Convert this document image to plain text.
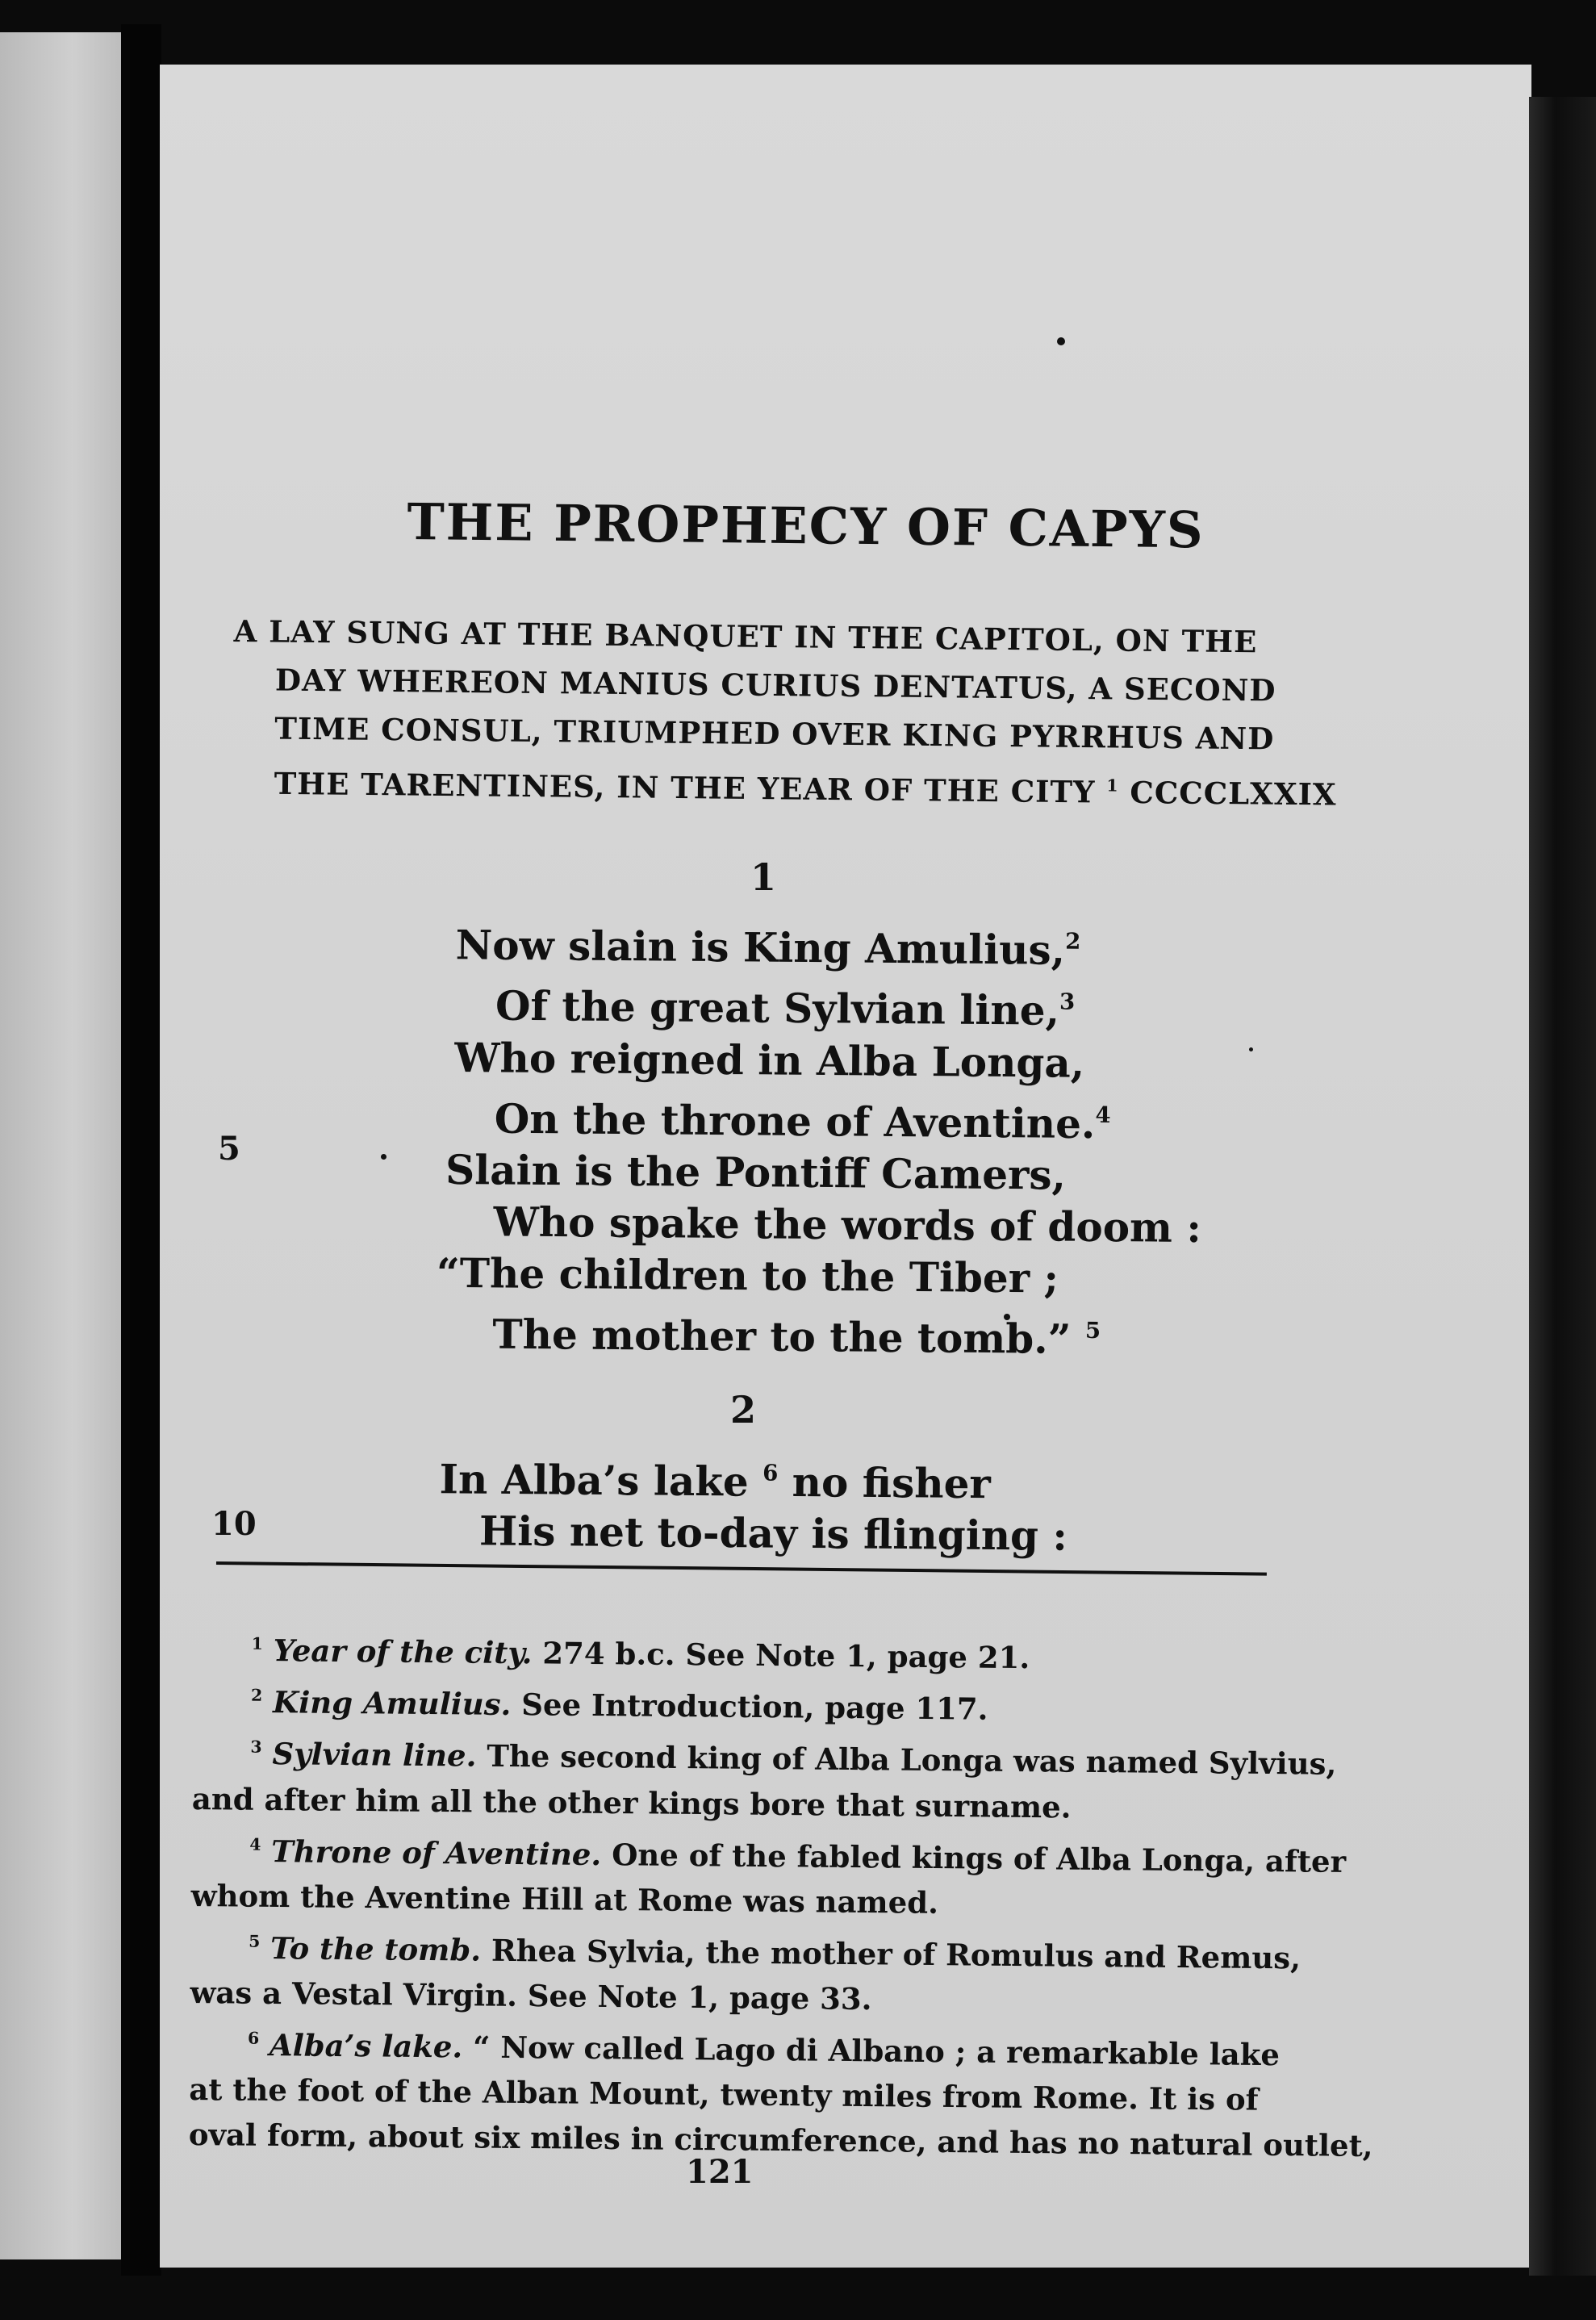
THE PROPHECY OF CAPYS
A LAY SUNG AT THE BANQUET IN THE CAPITOL, ON THE
DAY WHEREON MANIUS CURIUS DENTATUS, A SECOND
TIME CONSUL, TRIUMPHED OVER KING PYRRHUS AND
THE TARENTINES, IN THE YEAR OF THE CITY $^1$ CCCCLXXIX
1
Now slain is King Amulius,$^2$
Of the great Sylvian line,$^3$
Who reigned in Alba Longa,
On the throne of Aventine.$^4$
Slain is the Pontiff Camers,
Who spake the words of doom :
“The children to the Tiber ;
The mother to the tomb.” $^5$
5
2
In Alba’s lake $^6$ no fisher
His net to-day is flinging :
10
$^1$ Year of the city. 274 b.c. See Note 1, page 21.
$^2$ King Amulius. See Introduction, page 117.
$^3$ Sylvian line. The second king of Alba Longa was named Sylvius,
and after him all the other kings bore that surname.
$^4$ Throne of Aventine. One of the fabled kings of Alba Longa, after
whom the Aventine Hill at Rome was named.
$^5$ To the tomb. Rhea Sylvia, the mother of Romulus and Remus,
was a Vestal Virgin. See Note 1, page 33.
$^6$ Alba’s lake. “ Now called Lago di Albano ; a remarkable lake
at the foot of the Alban Mount, twenty miles from Rome. It is of
oval form, about six miles in circumference, and has no natural outlet,
121
